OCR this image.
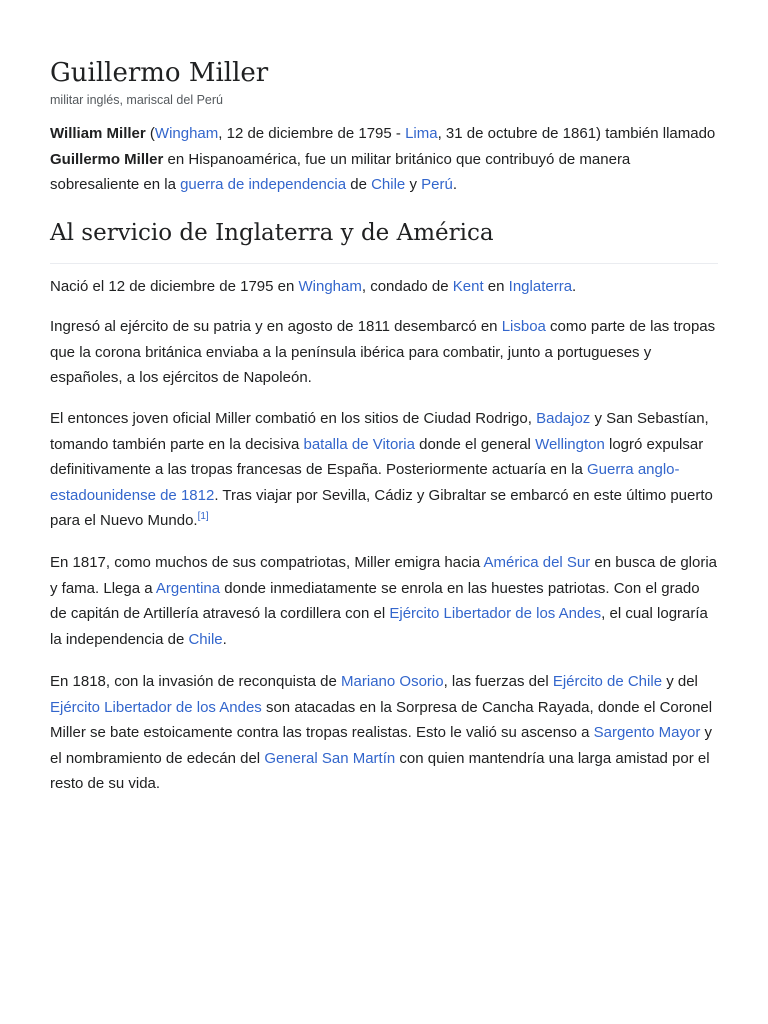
Guillermo Miller
militar inglés, mariscal del Perú

William Miller (Wingham, 12 de diciembre de 1795 - Lima, 31 de octubre de 1861) también llamado Guillermo Miller en Hispanoamérica, fue un militar británico que contribuyó de manera sobresaliente en la guerra de independencia de Chile y Perú.

Al servicio de Inglaterra y de América

Nació el 12 de diciembre de 1795 en Wingham, condado de Kent en Inglaterra.

Ingresó al ejército de su patria y en agosto de 1811 desembarcó en Lisboa como parte de las tropas que la corona británica enviaba a la península ibérica para combatir, junto a portugueses y españoles, a los ejércitos de Napoleón.

El entonces joven oficial Miller combatió en los sitios de Ciudad Rodrigo, Badajoz y San Sebastían, tomando también parte en la decisiva batalla de Vitoria donde el general Wellington logró expulsar definitivamente a las tropas francesas de España. Posteriormente actuaría en la Guerra anglo-estadounidense de 1812. Tras viajar por Sevilla, Cádiz y Gibraltar se embarcó en este último puerto para el Nuevo Mundo.[1]

En 1817, como muchos de sus compatriotas, Miller emigra hacia América del Sur en busca de gloria y fama. Llega a Argentina donde inmediatamente se enrola en las huestes patriotas. Con el grado de capitán de Artillería atravesó la cordillera con el Ejército Libertador de los Andes, el cual lograría la independencia de Chile.

En 1818, con la invasión de reconquista de Mariano Osorio, las fuerzas del Ejército de Chile y del Ejército Libertador de los Andes son atacadas en la Sorpresa de Cancha Rayada, donde el Coronel Miller se bate estoicamente contra las tropas realistas. Esto le valió su ascenso a Sargento Mayor y el nombramiento de edecán del General San Martín con quien mantendría una larga amistad por el resto de su vida.
